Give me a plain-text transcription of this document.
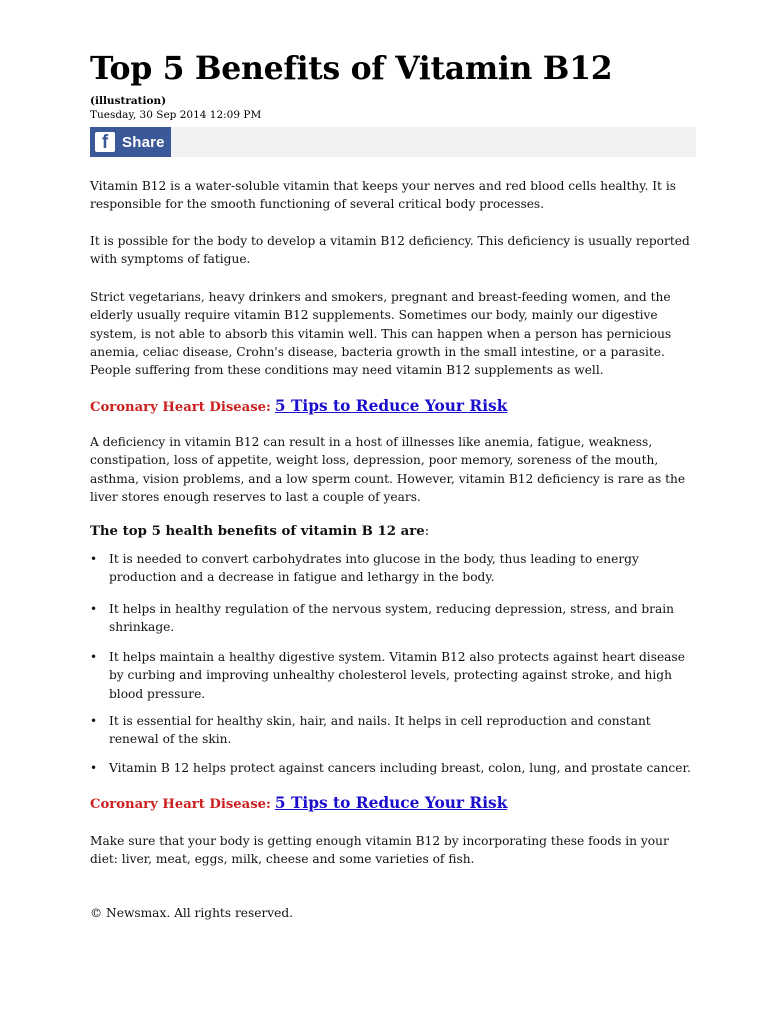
Top 5 Benefits of Vitamin B12
(illustration)
Tuesday, 30 Sep 2014 12:09 PM
f Share

Vitamin B12 is a water-soluble vitamin that keeps your nerves and red blood cells healthy. It is responsible for the smooth functioning of several critical body processes.

It is possible for the body to develop a vitamin B12 deficiency. This deficiency is usually reported with symptoms of fatigue.

Strict vegetarians, heavy drinkers and smokers, pregnant and breast-feeding women, and the elderly usually require vitamin B12 supplements. Sometimes our body, mainly our digestive system, is not able to absorb this vitamin well. This can happen when a person has pernicious anemia, celiac disease, Crohn's disease, bacteria growth in the small intestine, or a parasite. People suffering from these conditions may need vitamin B12 supplements as well.

Coronary Heart Disease: 5 Tips to Reduce Your Risk

A deficiency in vitamin B12 can result in a host of illnesses like anemia, fatigue, weakness, constipation, loss of appetite, weight loss, depression, poor memory, soreness of the mouth, asthma, vision problems, and a low sperm count. However, vitamin B12 deficiency is rare as the liver stores enough reserves to last a couple of years.

The top 5 health benefits of vitamin B 12 are:
• It is needed to convert carbohydrates into glucose in the body, thus leading to energy production and a decrease in fatigue and lethargy in the body.
• It helps in healthy regulation of the nervous system, reducing depression, stress, and brain shrinkage.
• It helps maintain a healthy digestive system. Vitamin B12 also protects against heart disease by curbing and improving unhealthy cholesterol levels, protecting against stroke, and high blood pressure.
• It is essential for healthy skin, hair, and nails. It helps in cell reproduction and constant renewal of the skin.
• Vitamin B 12 helps protect against cancers including breast, colon, lung, and prostate cancer.
Coronary Heart Disease: 5 Tips to Reduce Your Risk

Make sure that your body is getting enough vitamin B12 by incorporating these foods in your diet: liver, meat, eggs, milk, cheese and some varieties of fish.

© Newsmax. All rights reserved.
